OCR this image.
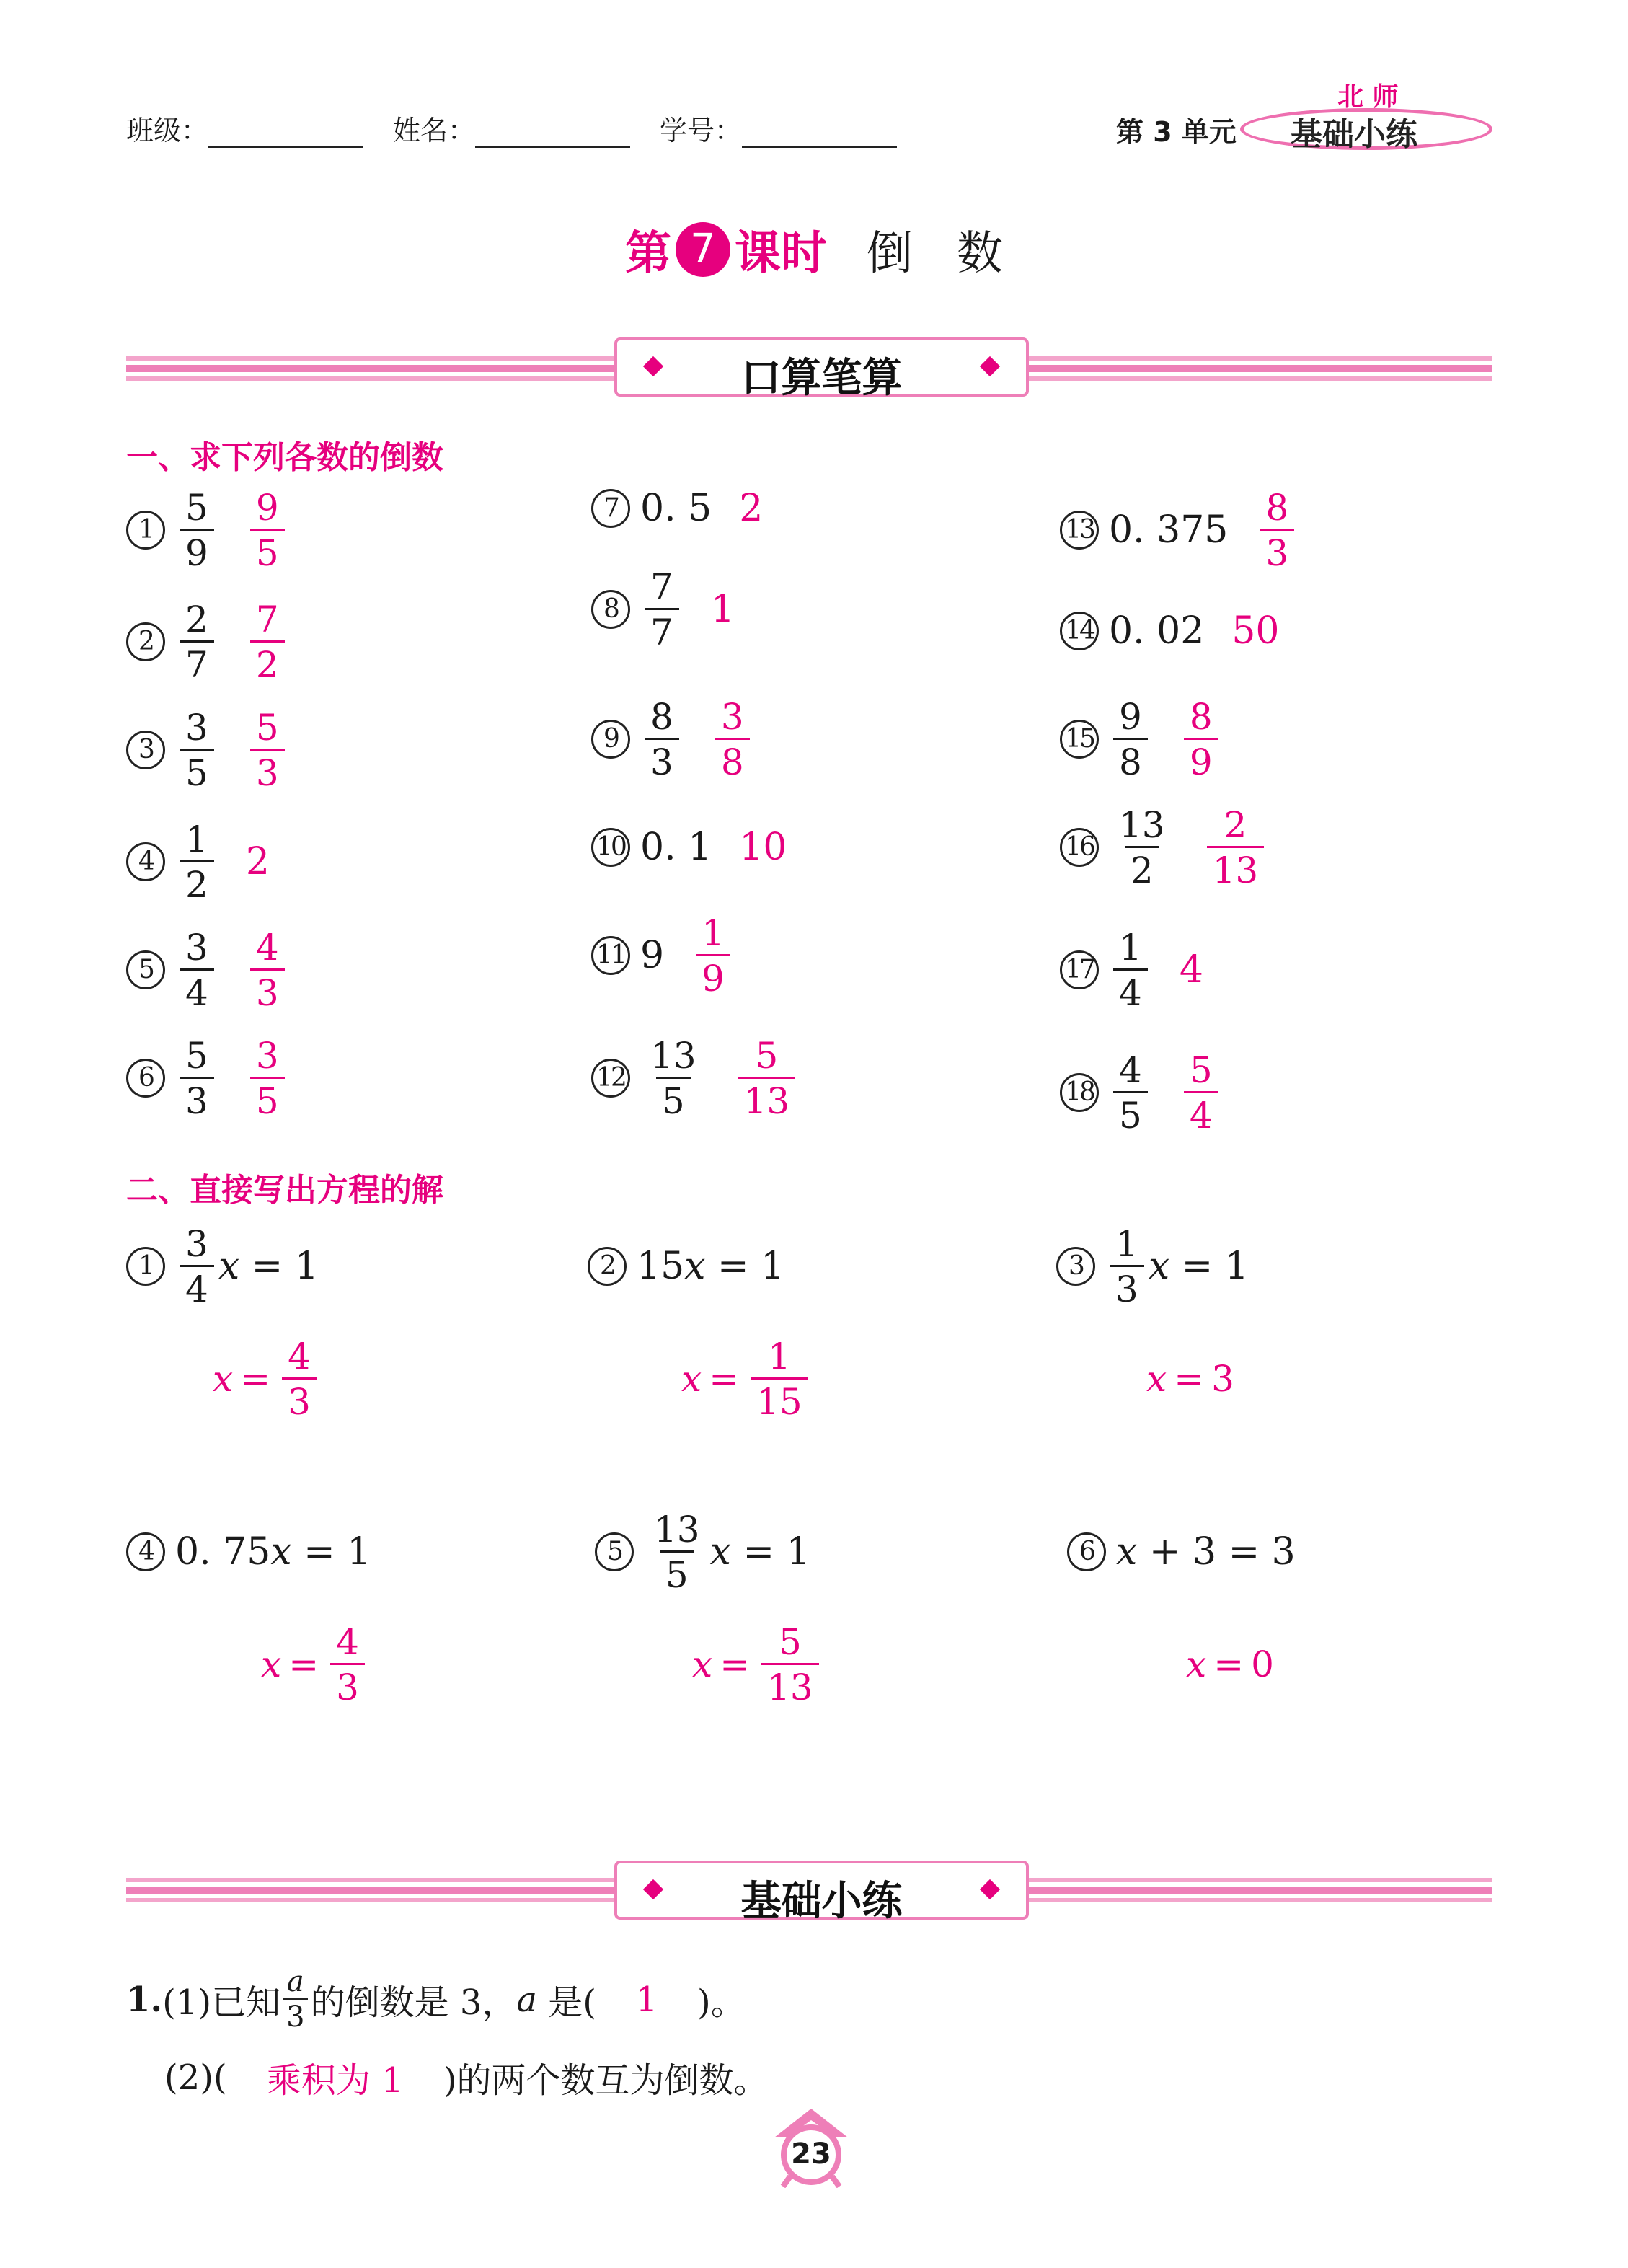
班级：	姓名：	学号：	第 3 单元
北 师
基础小练
第 7 课时 倒   数
口算笔算
一、求下列各数的倒数
$1 \frac{5}{9} \frac{9}{5}$
$2 \frac{2}{7} \frac{7}{2}$
$3 \frac{3}{5} \frac{5}{3}$
$4 \frac{1}{2} 2$
$5 \frac{3}{4} \frac{4}{3}$
$6 \frac{5}{3} \frac{3}{5}$
7 0. 5 2
$8 \frac{7}{7} 1$
$9 \frac{8}{3} \frac{3}{8}$
10 0. 1 10
11 $9 \frac{1}{9}$
$12 \frac{13}{5} \frac{5}{13}$
13 0. $375 \frac{8}{3}$
14 0. 02 50
$15 \frac{9}{8} \frac{8}{9}$
$16 \frac{13}{2} \frac{2}{13}$
$17 \frac{1}{4} 4$
$18 \frac{4}{5} \frac{5}{4}$
二、直接写出方程的解
$1 \frac{3}{4}$ x = 1
$x = \frac{4}{3}$
2 15 x = 1
$x = \frac{1}{15}$
$3 \frac{1}{3}$ x = 1
x = 3
4 0. 75 x = 1
$x = \frac{4}{3}$
$5 \frac{13}{5}$ x = 1
$x = \frac{5}{13}$
6 x + 3 = 3
x = 0
基础小练
1. (1)已知
a
3 的倒数是 3， a 是(	1	)。
(2)(	乘积为 1	)的两个数互为倒数。
23
